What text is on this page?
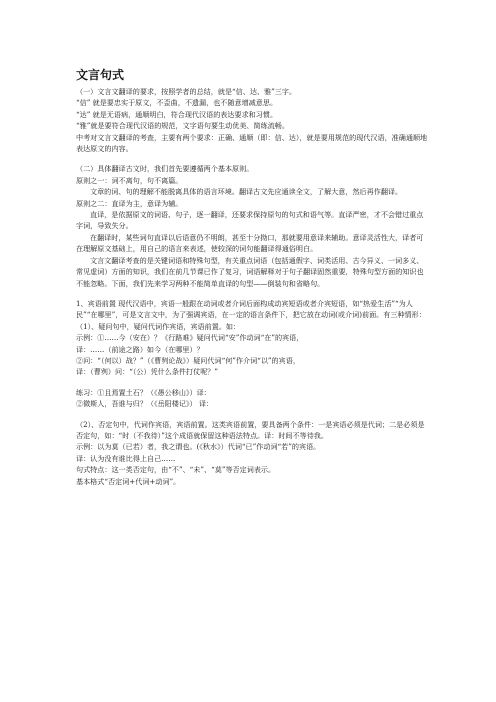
文言句式

（一）文言文翻译的要求，按照学者的总结，就是“信、达、雅”三字。

“信” 就是要忠实于原文，不歪曲，不遗漏，也不随意增减意思。

“达” 就是无语病，通顺明白，符合现代汉语的表达要求和习惯。

“雅”就是要符合现代汉语的规范，文字语句要生动优美、简练流畅。

中考对文言文翻译的考查，主要有两个要求：正确、通顺（即：信、达），就是要用规范的现代汉语，准确通顺地表达原文的内容。

（二）具体翻译古文时，我们首先要遵循两个基本原则。

原则之一：词不离句，句不离篇。

文章的词、句的理解不能脱离具体的语言环境。翻译古文先应通读全文，了解大意，然后再作翻译。

原则之二：直译为主，意译为辅。

直译，是依据原文的词语、句子，逐一翻译，还要求保持原句的句式和语气等。直译严密，才不会错过重点字词，导致失分。

在翻译时，某些词句直译以后语意仍不明朗，甚至十分拗口，那就要用意译来辅助。意译灵活性大，译者可在理解原文基础上，用自己的语言来表述，使较深的词句能翻译得通俗明白。

文言文翻译考查的是关键词语和特殊句型，有关重点词语（包括通假字、词类活用、古今异义、一词多义、常见虚词）方面的知识，我们在前几节课已作了复习，词语解释对于句子翻译固然重要，特殊句型方面的知识也不能忽略。下面，我们先来学习两种不能简单直译的句型——倒装句和省略句。

1、宾语前置 现代汉语中，宾语一般跟在动词或者介词后面构成动宾短语或者介宾短语，如“热爱生活”“为人民”“在哪里”，可是文言文中，为了强调宾语，在一定的语言条件下，把它放在动词(或介词)前面。有三种情形：

（1）、疑问句中，疑问代词作宾语，宾语前置。如：

示例：①……今（安在）？《行路难》疑问代词“安”作动词“在”的宾语，

译：……（前途之路）如今（在哪里）？

②问：“（何以）战？”（《曹刿论战》）疑问代词“何”作介词“以”的宾语，

译：（曹刿）问：“（公）凭什么条件打仗呢？”

练习：①且焉置土石？（《愚公移山》）译：

②微斯人，吾谁与归？（《岳阳楼记》） 译：

（2）、否定句中，代词作宾语，宾语前置。这类宾语前置，要具备两个条件：一是宾语必须是代词；二是必须是否定句，如：“时（不我待）”这个成语就保留这种语法特点。译：时间不等待我。

示例：以为莫（已若）者，我之谓也。(《秋水》）代词“已”作动词“若”的宾语。

译：认为没有谁比得上自己……

句式特点：这一类否定句，由“不”、“未”、“莫”等否定词表示。

基本格式“否定词+代词+动词”。
